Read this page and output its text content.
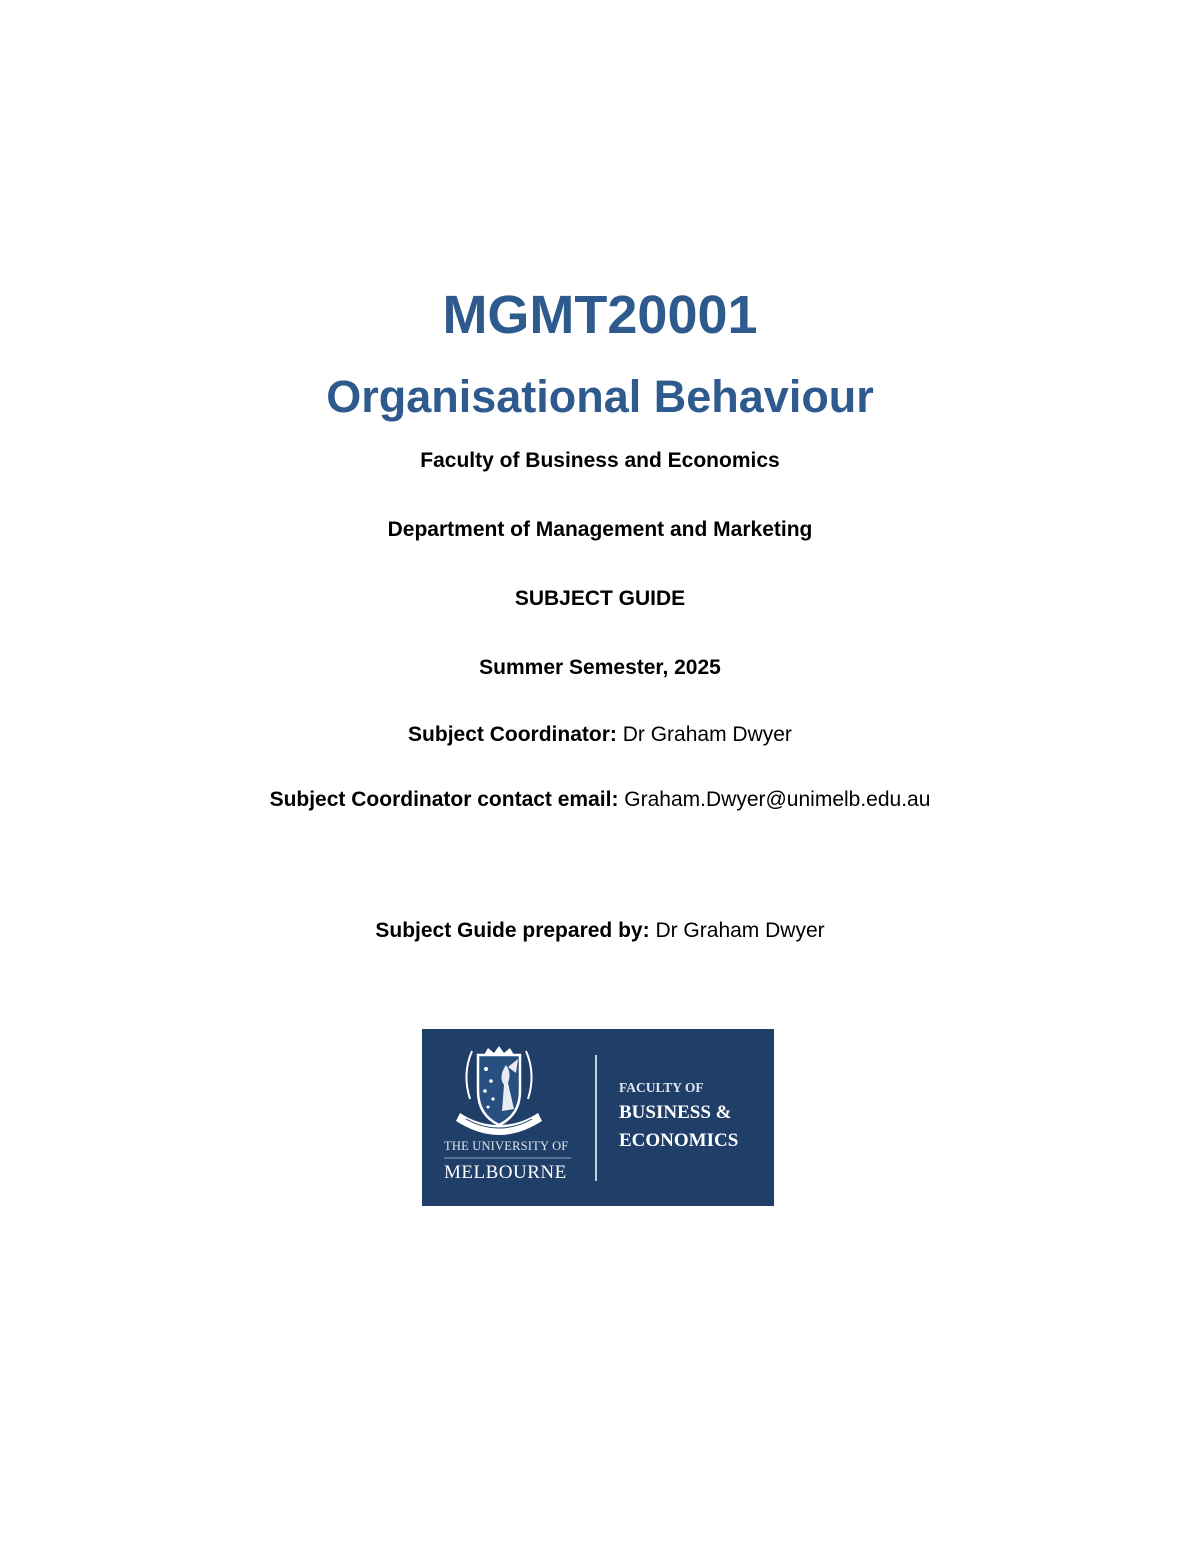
MGMT20001
Organisational Behaviour
Faculty of Business and Economics
Department of Management and Marketing
SUBJECT GUIDE
Summer Semester, 2025
Subject Coordinator: Dr Graham Dwyer
Subject Coordinator contact email: Graham.Dwyer@unimelb.edu.au
Subject Guide prepared by: Dr Graham Dwyer
THE UNIVERSITY OF
MELBOURNE
FACULTY OF
BUSINESS &
ECONOMICS
